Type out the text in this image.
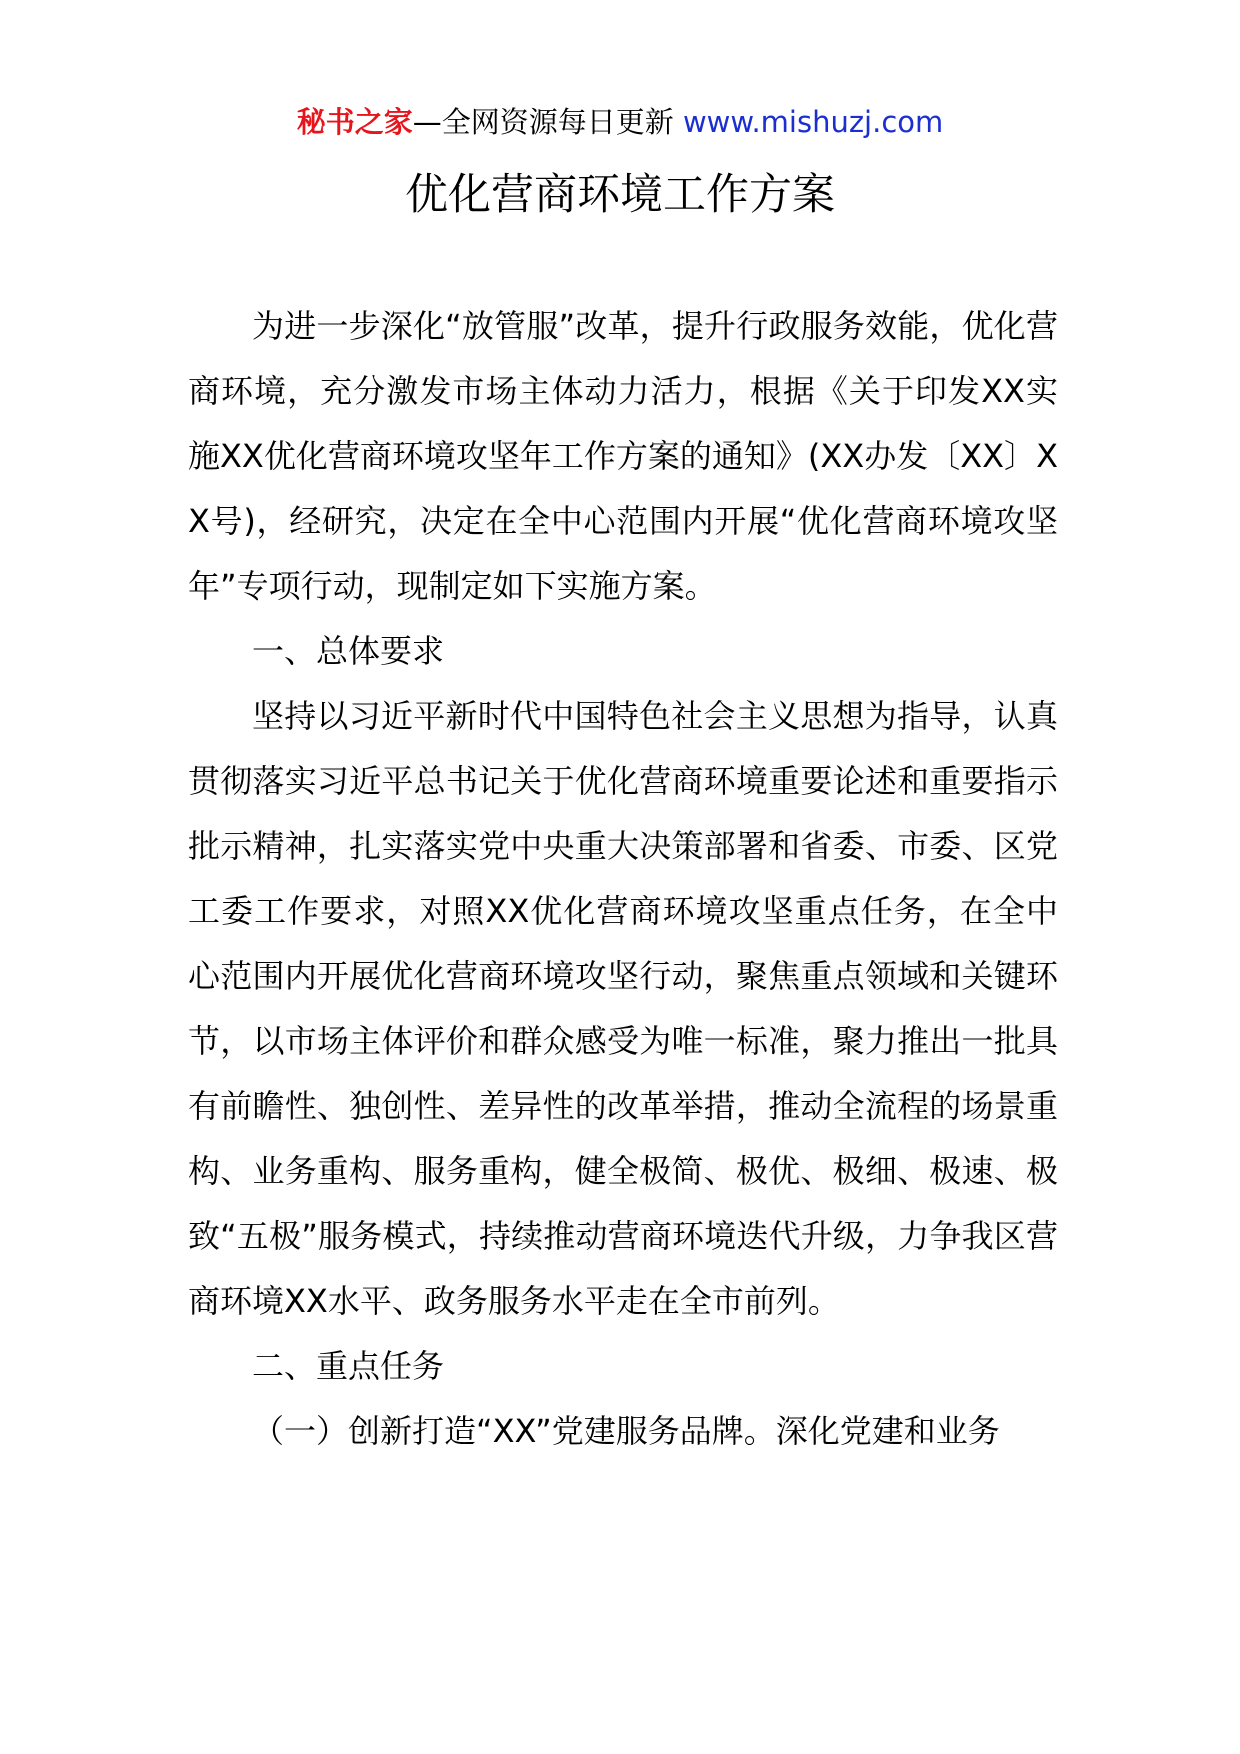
秘书之家—全网资源每日更新 www.mishuzj.com
优化营商环境工作方案

为进一步深化“放管服”改革，提升行政服务效能，优化营商环境，充分激发市场主体动力活力，根据《关于印发XX实施XX优化营商环境攻坚年工作方案的通知》(XX办发〔XX〕XX号)，经研究，决定在全中心范围内开展“优化营商环境攻坚年”专项行动，现制定如下实施方案。

一、总体要求

坚持以习近平新时代中国特色社会主义思想为指导，认真贯彻落实习近平总书记关于优化营商环境重要论述和重要指示批示精神，扎实落实党中央重大决策部署和省委、市委、区党工委工作要求，对照XX优化营商环境攻坚重点任务，在全中心范围内开展优化营商环境攻坚行动，聚焦重点领域和关键环节，以市场主体评价和群众感受为唯一标准，聚力推出一批具有前瞻性、独创性、差异性的改革举措，推动全流程的场景重构、业务重构、服务重构，健全极简、极优、极细、极速、极致“五极”服务模式，持续推动营商环境迭代升级，力争我区营商环境XX水平、政务服务水平走在全市前列。

二、重点任务

（一）创新打造“XX”党建服务品牌。深化党建和业务
